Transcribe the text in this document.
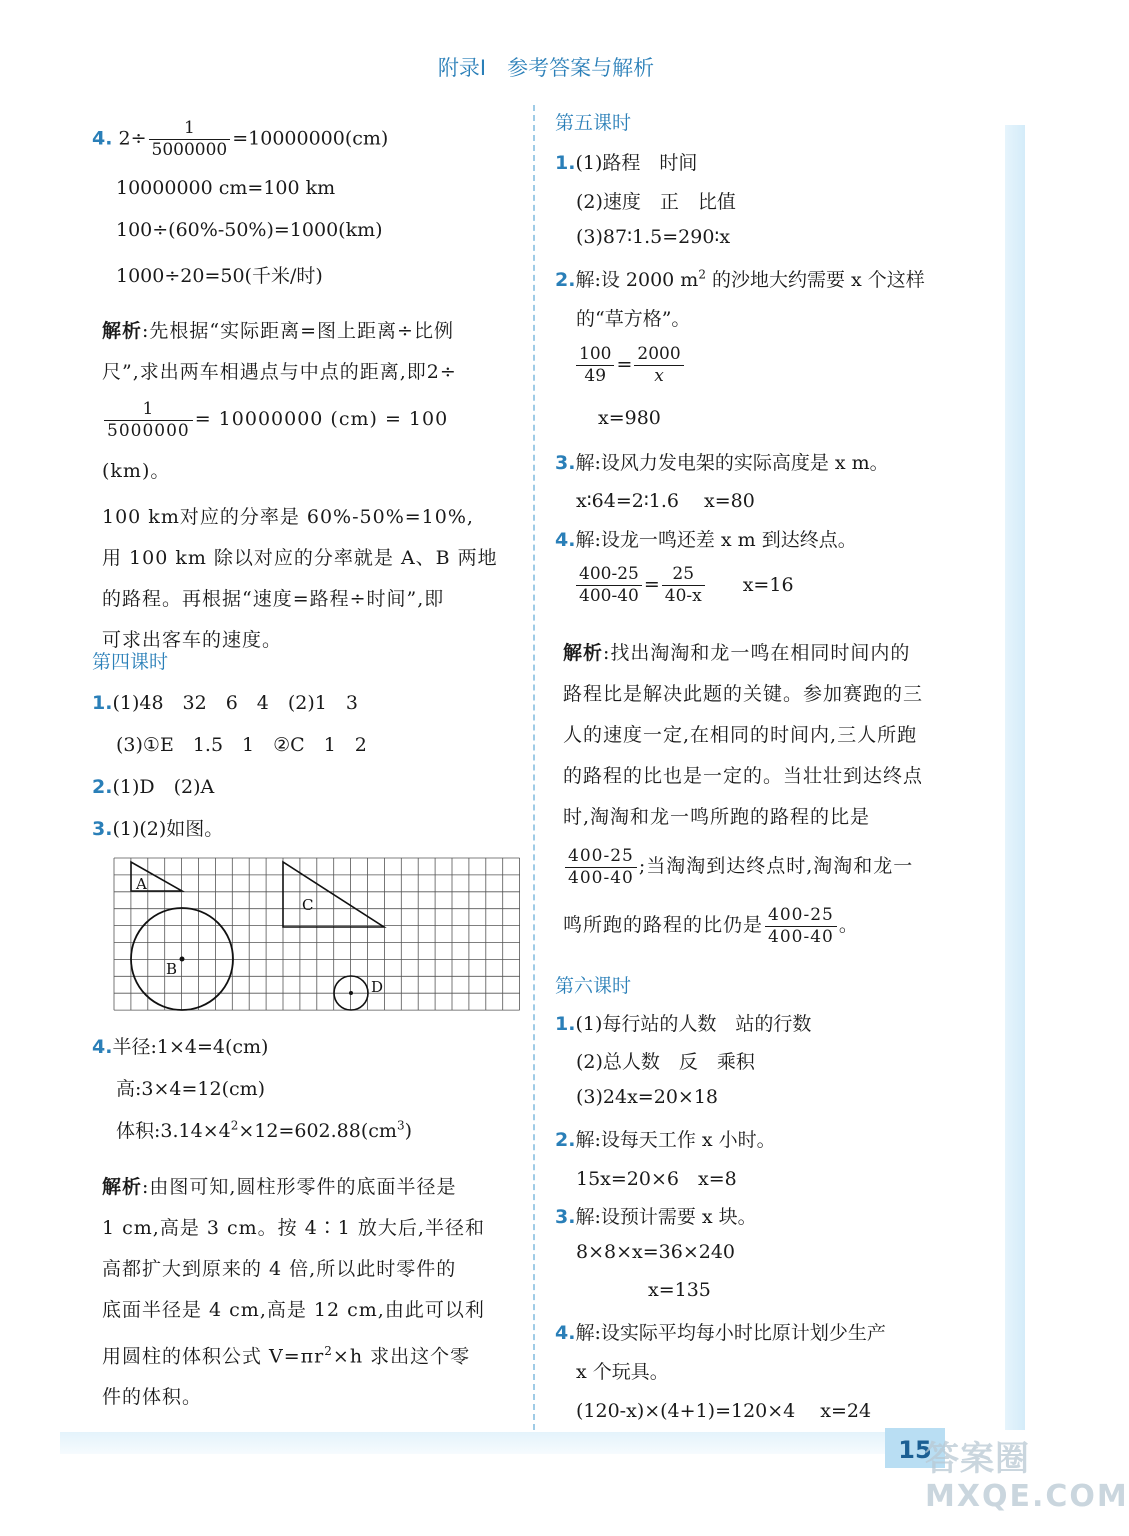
附录Ⅰ　参考答案与解析
4. $2\div \frac{1}{5000000} =10000000(cm)$
10000000 cm=100 km
100÷(60%-50%)=1000(km)
1000÷20=50(千米/时)
解析:先根据“实际距离=图上距离÷比例
尺”,求出两车相遇点与中点的距离,即2÷
$\frac{1}{5000000} = 10000000$ (cm) = 100 (km)。
100 km对应的分率是 60%-50%=10%,
用 100 km 除以对应的分率就是 A、B 两地
的路程。再根据“速度=路程÷时间”,即
可求出客车的速度。
第四课时
1.(1)48　32　6　4　(2)1　3
(3)①E　1.5　1　②C　1　2
2.(1)D　(2)A
3.(1)(2)如图。
A
B
C
D
4.半径:1×4=4(cm)
高:3×4=12(cm)
体积$:3.14\times 4^2\times 12=602.88(cm^3)$
解析:由图可知,圆柱形零件的底面半径是
1 cm,高是 3 cm。按 4∶1 放大后,半径和
高都扩大到原来的 4 倍,所以此时零件的
底面半径是 4 cm,高是 12 cm,由此可以利
用圆柱的体积公式 $V=\pi r^2\times h$ 求出这个零
件的体积。
第五课时
1.(1)路程　时间
(2)速度　正　比值
(3)87∶1.5=290∶x
2.解:设 2000 $m^2$ 的沙地大约需要 x 个这样
的“草方格”。
$\frac{100}{49} = \frac{2000}{x}$
x=980
3.解:设风力发电架的实际高度是 x m。
x∶64=2∶1.6　 x=80
4.解:设龙一鸣还差 x m 到达终点。
$\frac{400-25}{400-40} = \frac{25}{40-x} x=16$
解析:找出淘淘和龙一鸣在相同时间内的
路程比是解决此题的关键。参加赛跑的三
人的速度一定,在相同的时间内,三人所跑
的路程的比也是一定的。当壮壮到达终点
时,淘淘和龙一鸣所跑的路程的比是
$\frac{400-25}{400-40}$ ;当淘淘到达终点时,淘淘和龙一
鸣所跑的路程的比仍是 $\frac{400-25}{400-40}$ 。
第六课时
1.(1)每行站的人数　站的行数
(2)总人数　反　乘积
(3)24x=20×18
2.解:设每天工作 x 小时。
15x=20×6　x=8
3.解:设预计需要 x 块。
8×8×x=36×240
x=135
4.解:设实际平均每小时比原计划少生产
x 个玩具。
(120-x)×(4+1)=120×4　 x=24
15
答案圈
MXQE.COM
